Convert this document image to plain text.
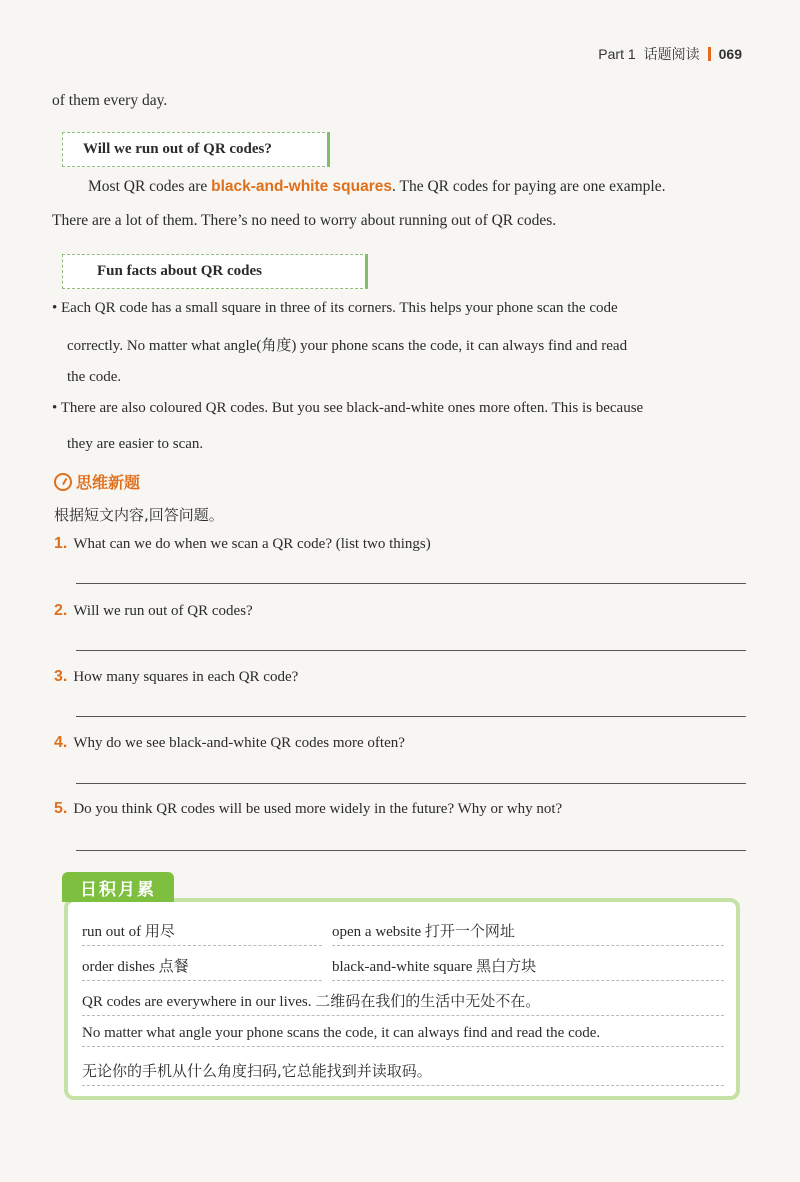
Part 1 话题阅读 069
of them every day.
Will we run out of QR codes?
Most QR codes are black-and-white squares. The QR codes for paying are one example.
There are a lot of them. There’s no need to worry about running out of QR codes.
Fun facts about QR codes
• Each QR code has a small square in three of its corners. This helps your phone scan the code
correctly. No matter what angle(角度) your phone scans the code, it can always find and read
the code.
• There are also coloured QR codes. But you see black-and-white ones more often. This is because
they are easier to scan.
思维新题
根据短文内容,回答问题。
1. What can we do when we scan a QR code? (list two things)
2. Will we run out of QR codes?
3. How many squares in each QR code?
4. Why do we see black-and-white QR codes more often?
5. Do you think QR codes will be used more widely in the future? Why or why not?
日积月累
run out of 用尽	open a website 打开一个网址
order dishes 点餐	black-and-white square 黑白方块
QR codes are everywhere in our lives. 二维码在我们的生活中无处不在。
No matter what angle your phone scans the code, it can always find and read the code.
无论你的手机从什么角度扫码,它总能找到并读取码。
